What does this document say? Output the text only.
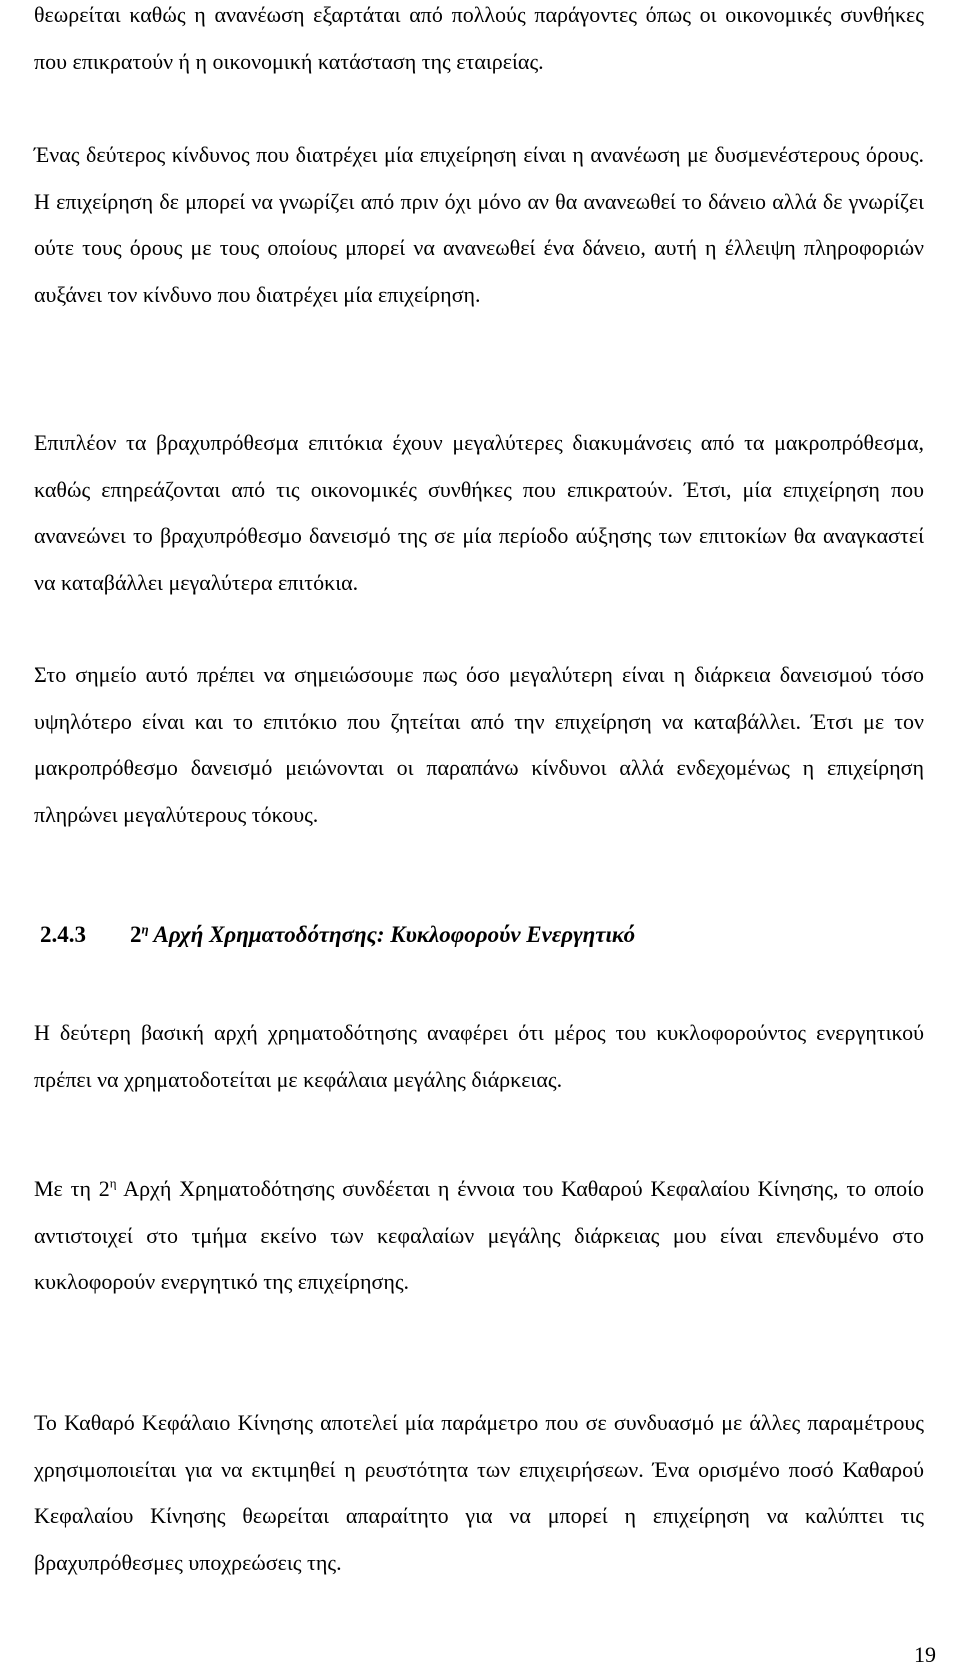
θεωρείται καθώς η ανανέωση εξαρτάται από πολλούς παράγοντες όπως οι οικονομικές συνθήκες που επικρατούν ή η οικονομική κατάσταση της εταιρείας.

Ένας δεύτερος κίνδυνος που διατρέχει μία επιχείρηση είναι η ανανέωση με δυσμενέστερους όρους. Η επιχείρηση δε μπορεί να γνωρίζει από πριν όχι μόνο αν θα ανανεωθεί το δάνειο αλλά δε γνωρίζει ούτε τους όρους με τους οποίους μπορεί να ανανεωθεί ένα δάνειο, αυτή η έλλειψη πληροφοριών αυξάνει τον κίνδυνο που διατρέχει μία επιχείρηση.

Επιπλέον τα βραχυπρόθεσμα επιτόκια έχουν μεγαλύτερες διακυμάνσεις από τα μακροπρόθεσμα, καθώς επηρεάζονται από τις οικονομικές συνθήκες που επικρατούν. Έτσι, μία επιχείρηση που ανανεώνει το βραχυπρόθεσμο δανεισμό της σε μία περίοδο αύξησης των επιτοκίων θα αναγκαστεί να καταβάλλει μεγαλύτερα επιτόκια.

Στο σημείο αυτό πρέπει να σημειώσουμε πως όσο μεγαλύτερη είναι η διάρκεια δανεισμού τόσο υψηλότερο είναι και το επιτόκιο που ζητείται από την επιχείρηση να καταβάλλει. Έτσι με τον μακροπρόθεσμο δανεισμό μειώνονται οι παραπάνω κίνδυνοι αλλά ενδεχομένως η επιχείρηση πληρώνει μεγαλύτερους τόκους.

2.4.3 $2^\eta$ Αρχή Χρηματοδότησης: Κυκλοφορούν Ενεργητικό

Η δεύτερη βασική αρχή χρηματοδότησης αναφέρει ότι μέρος του κυκλοφορούντος ενεργητικού πρέπει να χρηματοδοτείται με κεφάλαια μεγάλης διάρκειας.

Με τη $2^\eta$ Αρχή Χρηματοδότησης συνδέεται η έννοια του Καθαρού Κεφαλαίου Κίνησης, το οποίο αντιστοιχεί στο τμήμα εκείνο των κεφαλαίων μεγάλης διάρκειας μου είναι επενδυμένο στο κυκλοφορούν ενεργητικό της επιχείρησης.

Το Καθαρό Κεφάλαιο Κίνησης αποτελεί μία παράμετρο που σε συνδυασμό με άλλες παραμέτρους χρησιμοποιείται για να εκτιμηθεί η ρευστότητα των επιχειρήσεων. Ένα ορισμένο ποσό Καθαρού Κεφαλαίου Κίνησης θεωρείται απαραίτητο για να μπορεί η επιχείρηση να καλύπτει τις βραχυπρόθεσμες υποχρεώσεις της.

19
